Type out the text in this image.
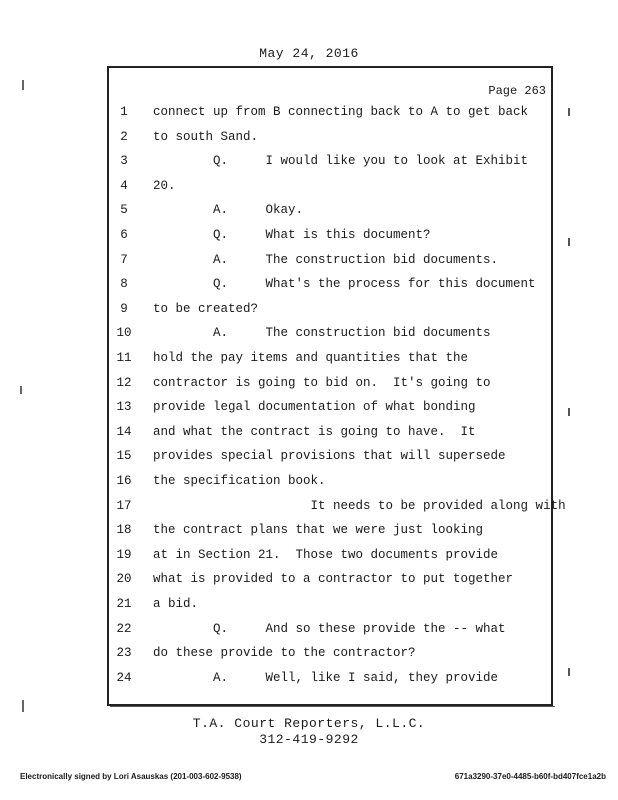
May 24, 2016
Page 263
1	connect up from B connecting back to A to get back
2	to south Sand.
3	Q.     I would like you to look at Exhibit
4	20.
5	A.     Okay.
6	Q.     What is this document?
7	A.     The construction bid documents.
8	Q.     What's the process for this document
9	to be created?
10	A.     The construction bid documents
11	hold the pay items and quantities that the
12	contractor is going to bid on.  It's going to
13	provide legal documentation of what bonding
14	and what the contract is going to have.  It
15	provides special provisions that will supersede
16	the specification book.
17	It needs to be provided along with
18	the contract plans that we were just looking
19	at in Section 21.  Those two documents provide
20	what is provided to a contractor to put together
21	a bid.
22	Q.     And so these provide the -- what
23	do these provide to the contractor?
24	A.     Well, like I said, they provide
T.A. Court Reporters, L.L.C.
312-419-9292
Electronically signed by Lori Asauskas (201-003-602-9538)	671a3290-37e0-4485-b60f-bd407fce1a2b
